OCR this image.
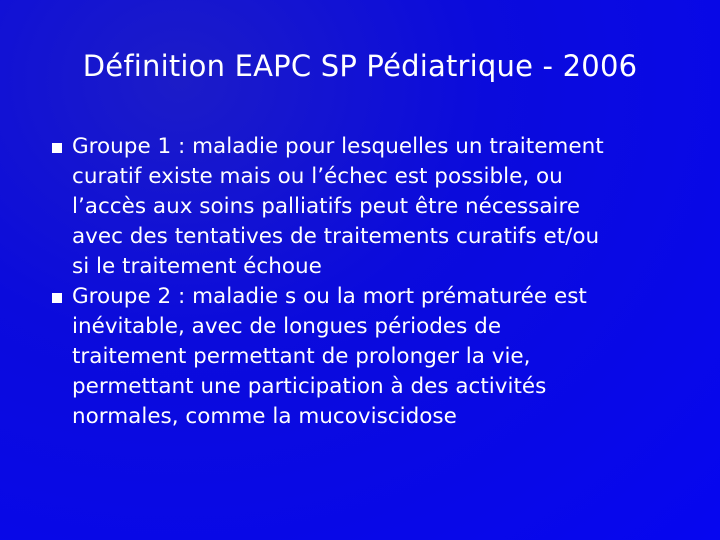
Définition EAPC SP Pédiatrique - 2006
Groupe 1 : maladie pour lesquelles un traitement
curatif existe mais ou l’échec est possible, ou
l’accès aux soins palliatifs peut être nécessaire
avec des tentatives de traitements curatifs et/ou
si le traitement échoue
Groupe 2 : maladie s ou la mort prématurée est
inévitable, avec de longues périodes de
traitement permettant de prolonger la vie,
permettant une participation à des activités
normales, comme la mucoviscidose
